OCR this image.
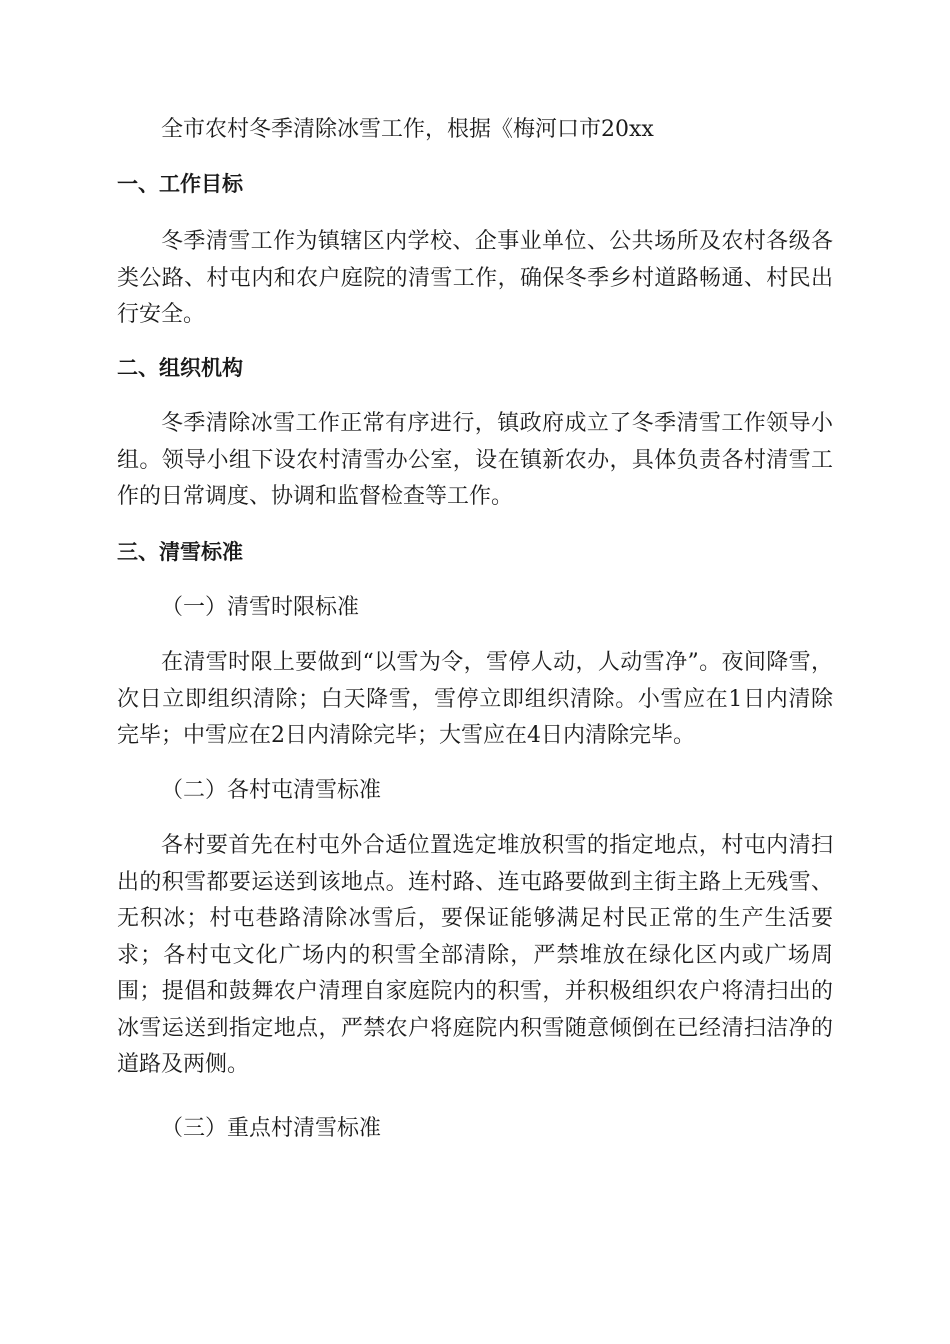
全市农村冬季清除冰雪工作，根据《梅河口市20xx

一、工作目标

冬季清雪工作为镇辖区内学校、企事业单位、公共场所及农村各级各类公路、村屯内和农户庭院的清雪工作，确保冬季乡村道路畅通、村民出行安全。

二、组织机构

冬季清除冰雪工作正常有序进行，镇政府成立了冬季清雪工作领导小组。领导小组下设农村清雪办公室，设在镇新农办，具体负责各村清雪工作的日常调度、协调和监督检查等工作。

三、清雪标准

（一）清雪时限标准

在清雪时限上要做到“以雪为令，雪停人动，人动雪净”。夜间降雪，次日立即组织清除；白天降雪，雪停立即组织清除。小雪应在1日内清除完毕；中雪应在2日内清除完毕；大雪应在4日内清除完毕。

（二）各村屯清雪标准

各村要首先在村屯外合适位置选定堆放积雪的指定地点，村屯内清扫出的积雪都要运送到该地点。连村路、连屯路要做到主街主路上无残雪、无积冰；村屯巷路清除冰雪后，要保证能够满足村民正常的生产生活要求；各村屯文化广场内的积雪全部清除，严禁堆放在绿化区内或广场周围；提倡和鼓舞农户清理自家庭院内的积雪，并积极组织农户将清扫出的冰雪运送到指定地点，严禁农户将庭院内积雪随意倾倒在已经清扫洁净的道路及两侧。

（三）重点村清雪标准
